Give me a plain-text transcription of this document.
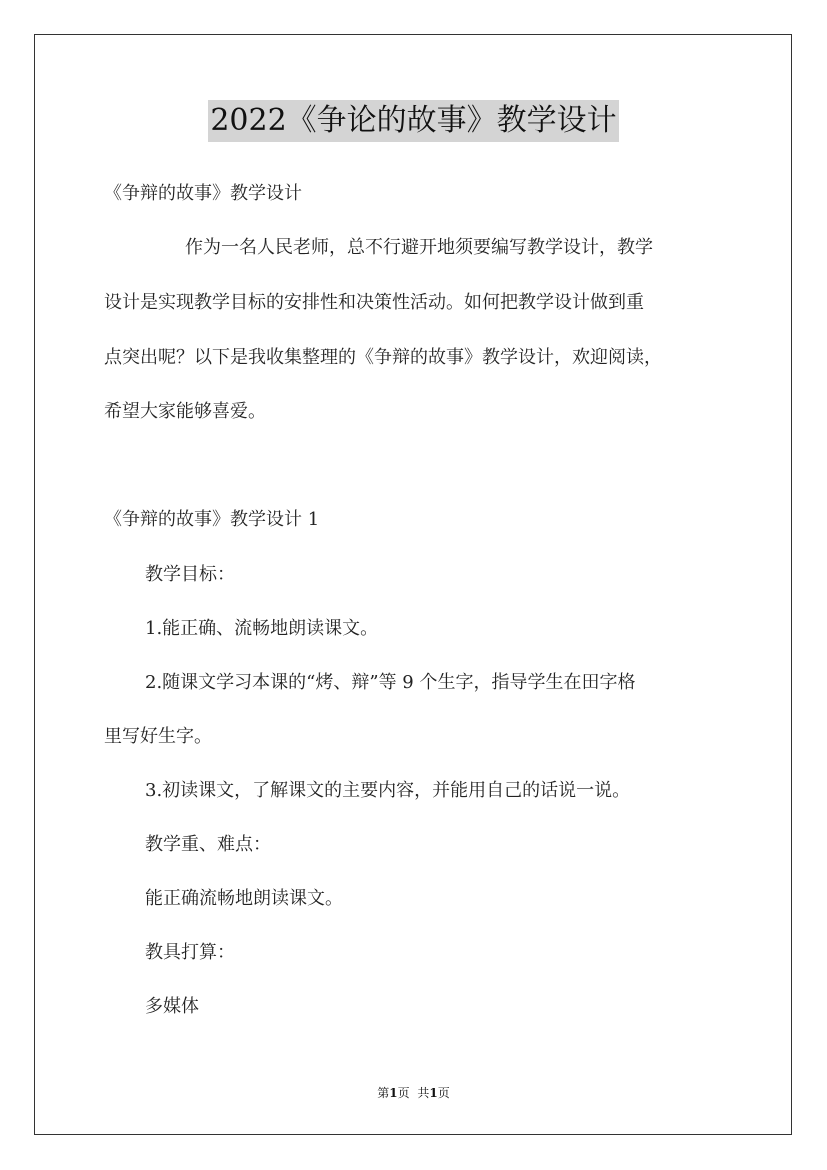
2022《争论的故事》教学设计
《争辩的故事》教学设计
作为一名人民老师，总不行避开地须要编写教学设计，教学
设计是实现教学目标的安排性和决策性活动。如何把教学设计做到重
点突出呢？以下是我收集整理的《争辩的故事》教学设计，欢迎阅读，
希望大家能够喜爱。
《争辩的故事》教学设计 1
教学目标：
1.能正确、流畅地朗读课文。
2.随课文学习本课的“烤、辩”等 9 个生字，指导学生在田字格
里写好生字。
3.初读课文，了解课文的主要内容，并能用自己的话说一说。
教学重、难点：
能正确流畅地朗读课文。
教具打算：
多媒体
第1页 共1页
